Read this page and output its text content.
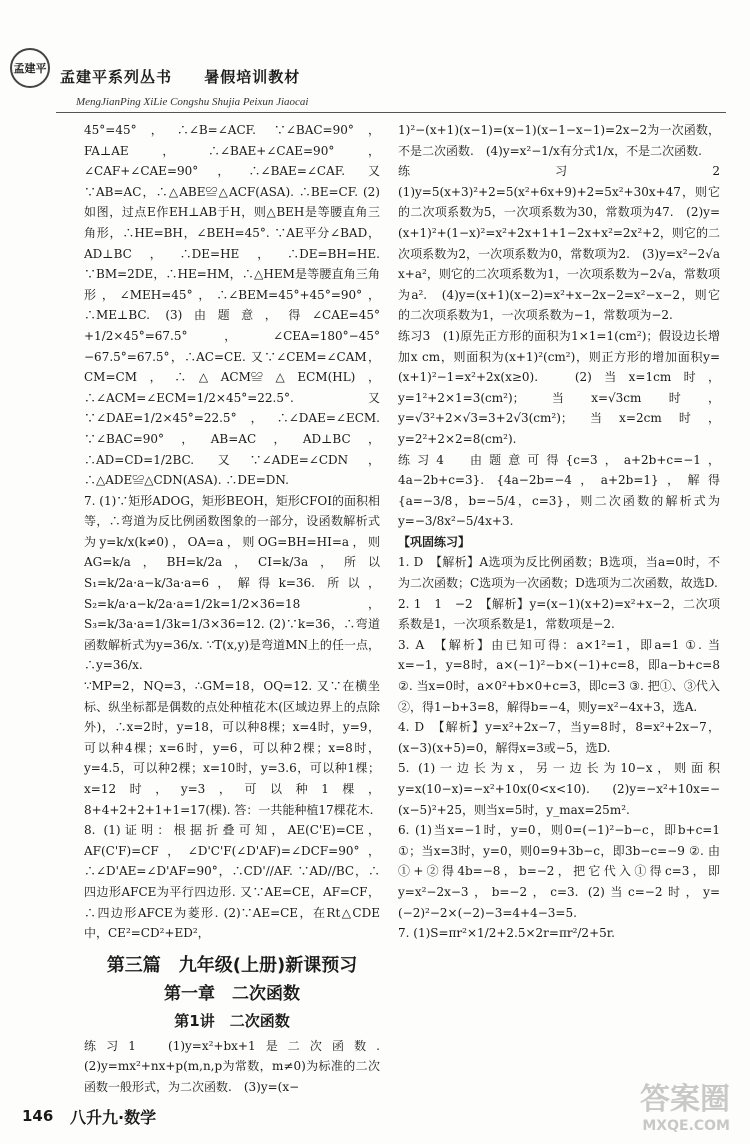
孟建平 孟建平系列丛书 暑假培训教材
MengJianPing XiLie Congshu Shujia Peixun Jiaocai

45°=45°，∴∠B=∠ACF. ∵∠BAC=90°，FA⊥AE，∴∠BAE+∠CAE=90°，∠CAF+∠CAE=90°，∴∠BAE=∠CAF. 又∵AB=AC，∴△ABE≌△ACF(ASA). ∴BE=CF. (2)如图，过点E作EH⊥AB于H，则△BEH是等腰直角三角形，∴HE=BH，∠BEH=45°. ∵AE平分∠BAD，AD⊥BC，∴DE=HE，∴DE=BH=HE. ∵BM=2DE，∴HE=HM，∴△HEM是等腰直角三角形，∠MEH=45°，∴∠BEM=45°+45°=90°，∴ME⊥BC. (3)由题意，得∠CAE=45°+1/2×45°=67.5°，∠CEA=180°−45°−67.5°=67.5°，∴AC=CE. 又∵∠CEM=∠CAM，CM=CM，∴△ACM≌△ECM(HL)，∴∠ACM=∠ECM=1/2×45°=22.5°. 又∵∠DAE=1/2×45°=22.5°，∴∠DAE=∠ECM. ∵∠BAC=90°，AB=AC，AD⊥BC，∴AD=CD=1/2BC. 又∵∠ADE=∠CDN，∴△ADE≌△CDN(ASA). ∴DE=DN.

7. (1)∵矩形ADOG，矩形BEOH，矩形CFOI的面积相等，∴弯道为反比例函数图象的一部分，设函数解析式为y=k/x(k≠0)，OA=a，则OG=BH=HI=a，则AG=k/a，BH=k/2a，CI=k/3a，所以S₁=k/2a·a−k/3a·a=6，解得k=36. 所以，S₂=k/a·a−k/2a·a=1/2k=1/2×36=18，S₃=k/3a·a=1/3k=1/3×36=12. (2)∵k=36，∴弯道函数解析式为y=36/x. ∵T(x,y)是弯道MN上的任一点，∴y=36/x.

∵MP=2，NQ=3，∴GM=18，OQ=12. 又∵在横坐标、纵坐标都是偶数的点处种植花木(区域边界上的点除外)，∴x=2时，y=18，可以种8棵；x=4时，y=9，可以种4棵；x=6时，y=6，可以种2棵；x=8时，y=4.5，可以种2棵；x=10时，y=3.6，可以种1棵；x=12时，y=3，可以种1棵，8+4+2+2+1+1=17(棵). 答：一共能种植17棵花木.

8. (1)证明：根据折叠可知，AE(C'E)=CE，AF(C'F)=CF，∠D'C'F(∠D'AF)=∠DCF=90°，∴∠D'AE=∠D'AF=90°，∴CD'//AF. ∵AD//BC，∴四边形AFCE为平行四边形. 又∵AE=CE，AF=CF，∴四边形AFCE为菱形. (2)∵AE=CE，在Rt△CDE中，CE²=CD²+ED²，

第三篇　九年级(上册)新课预习

第一章　二次函数

第1讲　二次函数

练习1　(1)y=x²+bx+1是二次函数. (2)y=mx²+nx+p(m,n,p为常数，m≠0)为标准的二次函数一般形式，为二次函数.　(3)y=(x−

1)²−(x+1)(x−1)=(x−1)(x−1−x−1)=2x−2为一次函数，不是二次函数.　(4)y=x²−1/x有分式1/x，不是二次函数.

练习2　(1)y=5(x+3)²+2=5(x²+6x+9)+2=5x²+30x+47，则它的二次项系数为5，一次项系数为30，常数项为47.　(2)y=(x+1)²+(1−x)²=x²+2x+1+1−2x+x²=2x²+2，则它的二次项系数为2，一次项系数为0，常数项为2.　(3)y=x²−2√a x+a²，则它的二次项系数为1，一次项系数为−2√a，常数项为a².　(4)y=(x+1)(x−2)=x²+x−2x−2=x²−x−2，则它的二次项系数为1，一次项系数为−1，常数项为−2.

练习3　(1)原先正方形的面积为1×1=1(cm²)；假设边长增加x cm，则面积为(x+1)²(cm²)，则正方形的增加面积y=(x+1)²−1=x²+2x(x≥0).　(2)当x=1cm时，y=1²+2×1=3(cm²)；当x=√3cm时，y=√3²+2×√3=3+2√3(cm²)；当x=2cm时，y=2²+2×2=8(cm²).

练习4　由题意可得{c=3，a+2b+c=−1，4a−2b+c=3}. {4a−2b=−4，a+2b=1}，解得{a=−3/8，b=−5/4，c=3}，则二次函数的解析式为y=−3/8x²−5/4x+3.

【巩固练习】

1. D　【解析】A选项为反比例函数；B选项，当a=0时，不为二次函数；C选项为一次函数；D选项为二次函数，故选D.

2. 1　1　−2　【解析】y=(x−1)(x+2)=x²+x−2，二次项系数是1，一次项系数是1，常数项是−2.

3. A　【解析】由已知可得：a×1²=1，即a=1 ①. 当x=−1，y=8时，a×(−1)²−b×(−1)+c=8，即a−b+c=8 ②. 当x=0时，a×0²+b×0+c=3，即c=3 ③. 把①、③代入②，得1−b+3=8，解得b=−4，则y=x²−4x+3，选A.

4. D　【解析】y=x²+2x−7，当y=8时，8=x²+2x−7，(x−3)(x+5)=0，解得x=3或−5，选D.

5. (1)一边长为x，另一边长为10−x，则面积y=x(10−x)=−x²+10x(0<x<10).　(2)y=−x²+10x=−(x−5)²+25，则当x=5时，y_max=25m².

6. (1)当x=−1时，y=0，则0=(−1)²−b−c，即b+c=1 ①；当x=3时，y=0，则0=9+3b−c，即3b−c=−9 ②. 由①+②得4b=−8，b=−2，把它代入①得c=3，即y=x²−2x−3，b=−2，c=3. (2)当c=−2时，y=(−2)²−2×(−2)−3=4+4−3=5.

7. (1)S=πr²×1/2+2.5×2r=πr²/2+5r.

146 八升九·数学
答案圈
MXQE.COM
